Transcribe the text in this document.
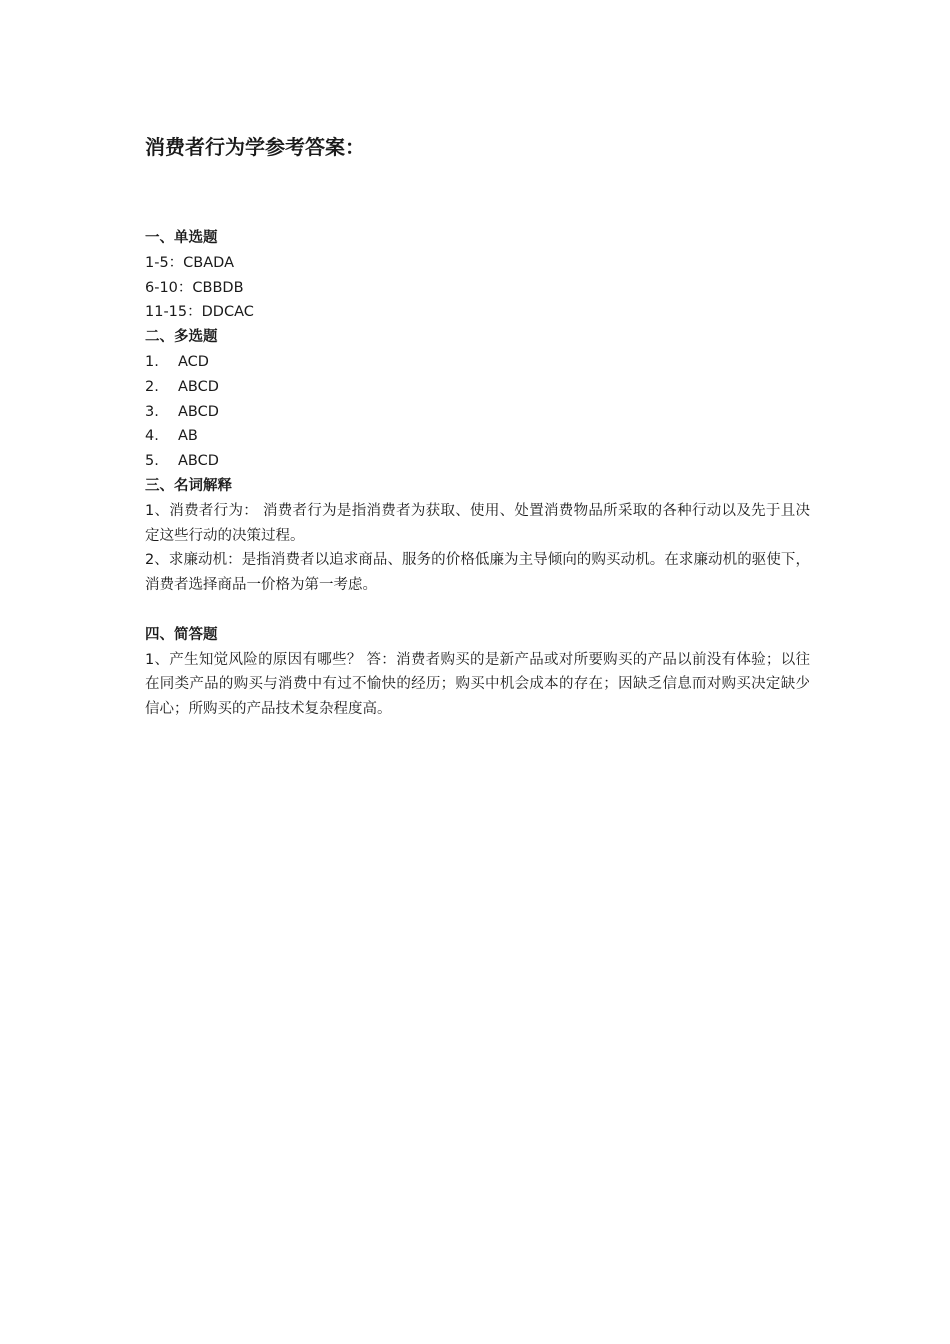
消费者行为学参考答案：
一、单选题
1-5：CBADA
6-10：CBBDB
11-15：DDCAC
二、多选题
1. ACD
2. ABCD
3. ABCD
4. AB
5. ABCD
三、名词解释
1、消费者行为： 消费者行为是指消费者为获取、使用、处置消费物品所采取的各种行动以及先于且决定这些行动的决策过程。
2、求廉动机：是指消费者以追求商品、服务的价格低廉为主导倾向的购买动机。在求廉动机的驱使下，消费者选择商品一价格为第一考虑。
四、简答题
1、产生知觉风险的原因有哪些？ 答：消费者购买的是新产品或对所要购买的产品以前没有体验；以往在同类产品的购买与消费中有过不愉快的经历；购买中机会成本的存在；因缺乏信息而对购买决定缺少信心；所购买的产品技术复杂程度高。
